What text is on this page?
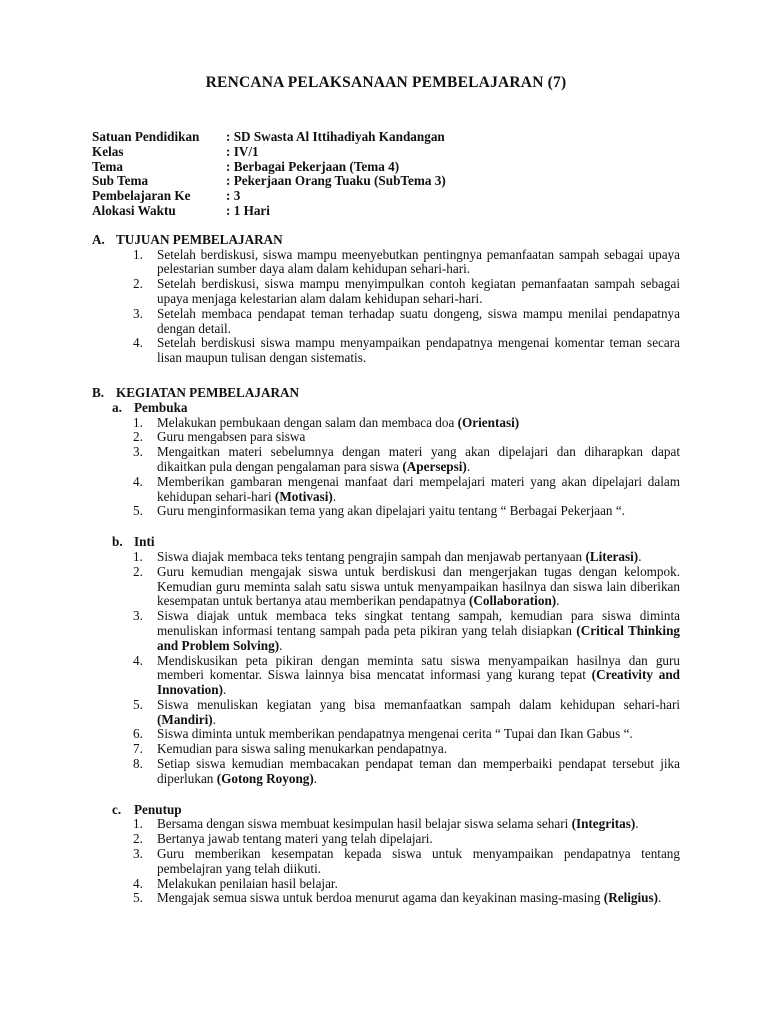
RENCANA PELAKSANAAN PEMBELAJARAN (7)
Satuan Pendidikan	: SD Swasta Al Ittihadiyah Kandangan
Kelas	: IV/1
Tema	: Berbagai Pekerjaan (Tema 4)
Sub Tema	: Pekerjaan Orang Tuaku (SubTema 3)
Pembelajaran Ke	: 3
Alokasi Waktu	: 1 Hari
A. TUJUAN PEMBELAJARAN
1.	Setelah berdiskusi, siswa mampu meenyebutkan pentingnya pemanfaatan sampah sebagai upaya pelestarian sumber daya alam dalam kehidupan sehari-hari.
2.	Setelah berdiskusi, siswa mampu menyimpulkan contoh kegiatan pemanfaatan sampah sebagai upaya menjaga kelestarian alam dalam kehidupan sehari-hari.
3.	Setelah membaca pendapat teman terhadap suatu dongeng, siswa mampu menilai pendapatnya dengan detail.
4.	Setelah berdiskusi siswa mampu menyampaikan pendapatnya mengenai komentar teman secara lisan maupun tulisan dengan sistematis.
B. KEGIATAN PEMBELAJARAN
a. Pembuka
1.	Melakukan pembukaan dengan salam dan membaca doa (Orientasi)
2.	Guru mengabsen para siswa
3.	Mengaitkan materi sebelumnya dengan materi yang akan dipelajari dan diharapkan dapat dikaitkan pula dengan pengalaman para siswa (Apersepsi).
4.	Memberikan gambaran mengenai manfaat dari mempelajari materi yang akan dipelajari dalam kehidupan sehari-hari (Motivasi).
5.	Guru menginformasikan tema yang akan dipelajari yaitu tentang “ Berbagai Pekerjaan “.
b. Inti
1.	Siswa diajak membaca teks tentang pengrajin sampah dan menjawab pertanyaan (Literasi).
2.	Guru kemudian mengajak siswa untuk berdiskusi dan mengerjakan tugas dengan kelompok. Kemudian guru meminta salah satu siswa untuk menyampaikan hasilnya dan siswa lain diberikan kesempatan untuk bertanya atau memberikan pendapatnya (Collaboration).
3.	Siswa diajak untuk membaca teks singkat tentang sampah, kemudian para siswa diminta menuliskan informasi tentang sampah pada peta pikiran yang telah disiapkan (Critical Thinking and Problem Solving).
4.	Mendiskusikan peta pikiran dengan meminta satu siswa menyampaikan hasilnya dan guru memberi komentar. Siswa lainnya bisa mencatat informasi yang kurang tepat (Creativity and Innovation).
5.	Siswa menuliskan kegiatan yang bisa memanfaatkan sampah dalam kehidupan sehari-hari (Mandiri).
6.	Siswa diminta untuk memberikan pendapatnya mengenai cerita “ Tupai dan Ikan Gabus “.
7.	Kemudian para siswa saling menukarkan pendapatnya.
8.	Setiap siswa kemudian membacakan pendapat teman dan memperbaiki pendapat tersebut jika diperlukan (Gotong Royong).
c. Penutup
1.	Bersama dengan siswa membuat kesimpulan hasil belajar siswa selama sehari (Integritas).
2.	Bertanya jawab tentang materi yang telah dipelajari.
3.	Guru memberikan kesempatan kepada siswa untuk menyampaikan pendapatnya tentang pembelajran yang telah diikuti.
4.	Melakukan penilaian hasil belajar.
5.	Mengajak semua siswa untuk berdoa menurut agama dan keyakinan masing-masing (Religius).
